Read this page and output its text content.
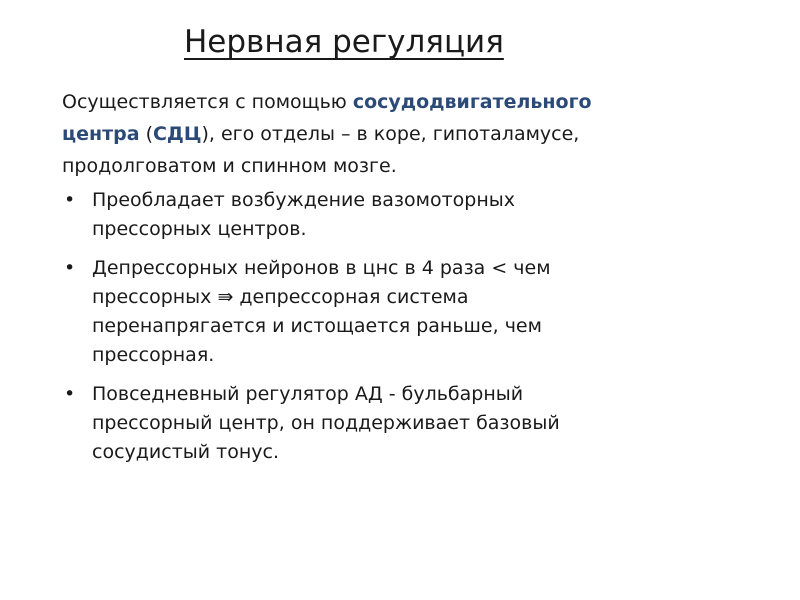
Нервная регуляция

Осуществляется с помощью сосудодвигательного
центра (СДЦ), его отделы – в коре, гипоталамусе,
продолговатом и спинном мозге.

• Преобладает возбуждение вазомоторных
прессорных центров.
• Депрессорных нейронов в цнс в 4 раза < чем
прессорных ⇛ депрессорная система
перенапрягается и истощается раньше, чем
прессорная.
• Повседневный регулятор АД - бульбарный
прессорный центр, он поддерживает базовый
сосудистый тонус.
